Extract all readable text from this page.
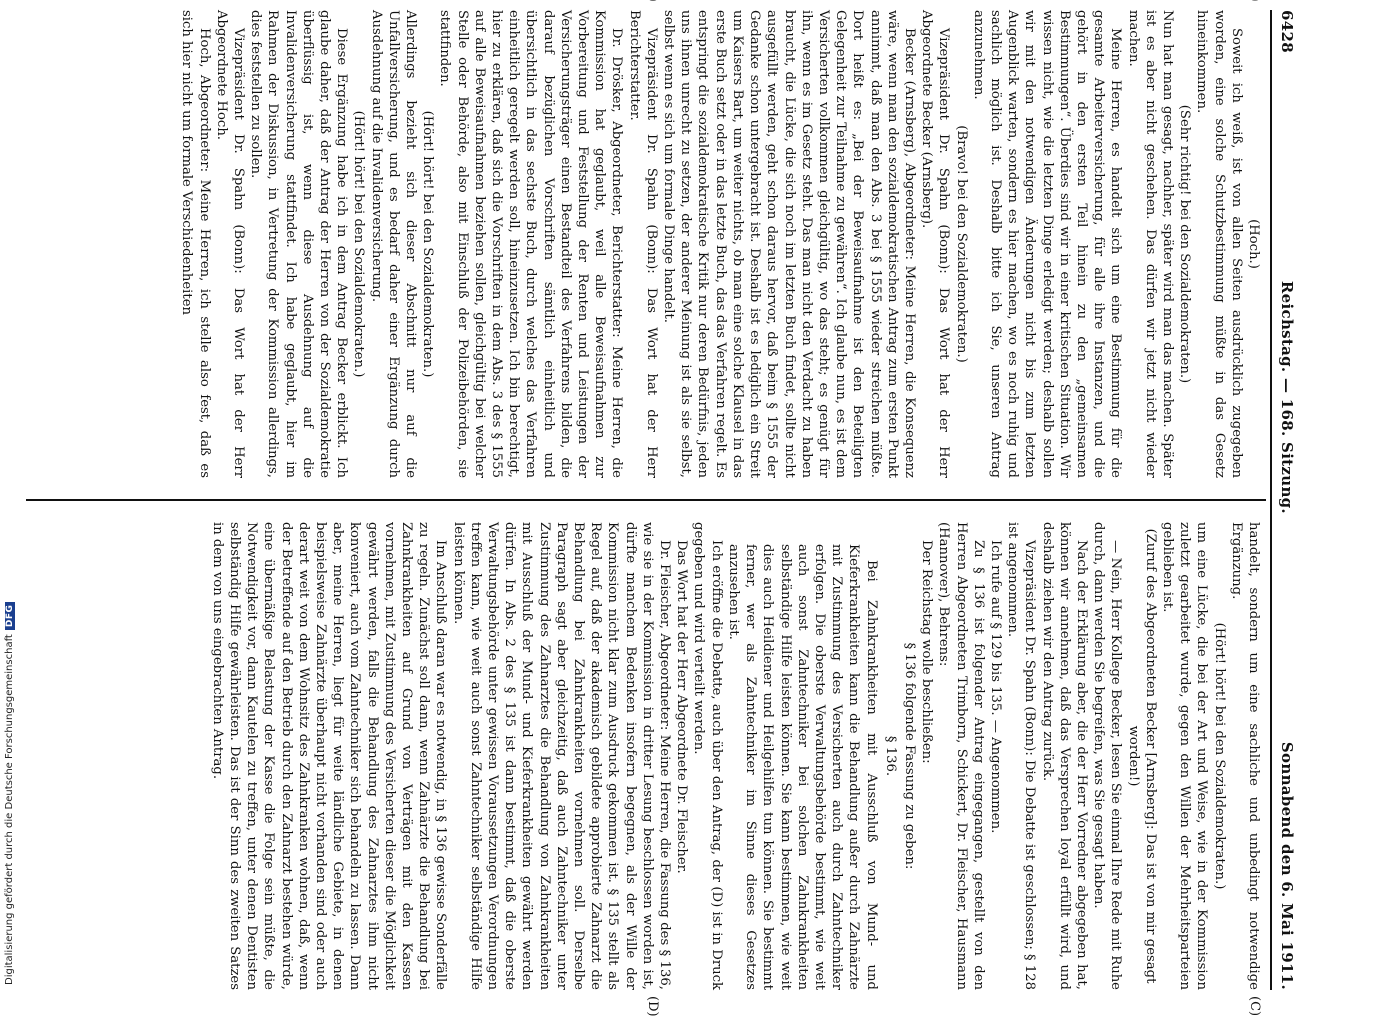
6428
Reichstag. — 168. Sitzung.
Sonnabend den 6. Mai 1911.
(C)
(D)

(Hoch.)

Soweit ich weiß, ist von allen Seiten ausdrücklich zugegeben worden, eine solche Schutzbestimmung müßte in das Gesetz hineinkommen.

(Sehr richtig! bei den Sozialdemokraten.)

Nun hat man gesagt, nachher, später wird man das machen. Später ist es aber nicht geschehen. Das dürfen wir jetzt nicht wieder machen.

Meine Herren, es handelt sich um eine Bestimmung für die gesamte Arbeiterversicherung, für alle ihre Instanzen, und die gehört in den ersten Teil hinein zu den „gemeinsamen Bestimmungen“. Überdies sind wir in einer kritischen Situation. Wir wissen nicht, wie die letzten Dinge erledigt werden; deshalb sollen wir mit den notwendigen Änderungen nicht bis zum letzten Augenblick warten, sondern es hier machen, wo es noch ruhig und sachlich möglich ist. Deshalb bitte ich Sie, unseren Antrag anzunehmen.

(Bravo! bei den Sozialdemokraten.)

Vizepräsident Dr. Spahn (Bonn): Das Wort hat der Herr Abgeordnete Becker (Arnsberg).

Becker (Arnsberg), Abgeordneter: Meine Herren, die Konsequenz wäre, wenn man den sozialdemokratischen Antrag zum ersten Punkt annimmt, daß man den Abs. 3 bei § 1555 wieder streichen müßte. Dort heißt es: „Bei der Beweisaufnahme ist den Beteiligten Gelegenheit zur Teilnahme zu gewähren“. Ich glaube nun, es ist dem Versicherten vollkommen gleichgültig, wo das steht; es genügt für ihn, wenn es im Gesetz steht. Das man nicht den Verdacht zu haben braucht, die Lücke, die sich noch im letzten Buch findet, sollte nicht ausgefüllt werden, geht schon daraus hervor, daß beim § 1555 der Gedanke schon untergebracht ist. Deshalb ist es lediglich ein Streit um Kaisers Bart, um weiter nichts, ob man eine solche Klausel in das erste Buch setzt oder in das letzte Buch, das das Verfahren regelt. Es entspringt die sozialdemokratische Kritik nur deren Bedürfnis, jeden uns ihnen unrecht zu setzen, der anderer Meinung ist als sie selbst, selbst wenn es sich um formale Dinge handelt.

Vizepräsident Dr. Spahn (Bonn): Das Wort hat der Herr Berichterstatter.

Dr. Drösker, Abgeordneter, Berichterstatter: Meine Herren, die Kommission hat geglaubt, weil alle Beweisaufnahmen zur Vorbereitung und Feststellung der Renten und Leistungen der Versicherungsträger einen Bestandteil des Verfahrens bilden, die darauf bezüglichen Vorschriften sämtlich einheitlich und übersichtlich in das sechste Buch, durch welches das Verfahren einheitlich geregelt werden soll, hineinzusetzen. Ich bin berechtigt, hier zu erklären, daß sich die Vorschriften in dem Abs. 3 des § 1555 auf alle Beweisaufnahmen beziehen sollen, gleichgültig bei welcher Stelle oder Behörde, also mit Einschluß der Polizeibehörden, sie stattfinden.

(Hört! hört! bei den Sozialdemokraten.)

Allerdings bezieht sich dieser Abschnitt nur auf die Unfallversicherung, und es bedarf daher einer Ergänzung durch Ausdehnung auf die Invalidenversicherung.

(Hört! hört! bei den Sozialdemokraten.)

Diese Ergänzung habe ich in dem Antrag Becker erblickt. Ich glaube daher, daß der Antrag der Herren von der Sozialdemokratie überflüssig ist, wenn diese Ausdehnung auf die Invalidenversicherung stattfindet. Ich habe geglaubt, hier im Rahmen der Diskussion, in Vertretung der Kommission allerdings, dies feststellen zu sollen.

Vizepräsident Dr. Spahn (Bonn): Das Wort hat der Herr Abgeordnete Hoch.

Hoch, Abgeordneter: Meine Herren, ich stelle also fest, daß es sich hier nicht um formale Verschiedenheiten

handelt, sondern um eine sachliche und unbedingt notwendige Ergänzung.

(Hört! hört! bei den Sozialdemokraten.)

um eine Lücke, die bei der Art und Weise, wie in der Kommission zuletzt gearbeitet wurde, gegen den Willen der Mehrheitsparteien geblieben ist.

(Zuruf des Abgeordneten Becker [Arnsberg]: Das ist von mir gesagt worden!)

— Nein, Herr Kollege Becker, lesen Sie einmal Ihre Rede mit Ruhe durch, dann werden Sie begreifen, was Sie gesagt haben.

Nach der Erklärung aber, die der Herr Vorredner abgegeben hat, können wir annehmen, daß das Versprechen loyal erfüllt wird, und deshalb ziehen wir den Antrag zurück.

Vizepräsident Dr. Spahn (Bonn): Die Debatte ist geschlossen; § 128 ist angenommen.

Ich rufe auf § 129 bis 135. — Angenommen.

Zu § 136 ist folgender Antrag eingegangen, gestellt von den Herren Abgeordneten Trimborn, Schickert, Dr. Fleischer, Hausmann (Hannover), Behrens:

Der Reichstag wolle beschließen:

§ 136 folgende Fassung zu geben:

§ 136.

Bei Zahnkrankheiten mit Ausschluß von Mund- und Kieferkrankheiten kann die Behandlung außer durch Zahnärzte mit Zustimmung des Versicherten auch durch Zahntechniker erfolgen. Die oberste Verwaltungsbehörde bestimmt, wie weit auch sonst Zahntechniker bei solchen Zahnkrankheiten selbständige Hilfe leisten können. Sie kann bestimmen, wie weit dies auch Heildiener und Heilgehilfen tun können. Sie bestimmt ferner, wer als Zahntechniker im Sinne dieses Gesetzes anzusehen ist.

Ich eröffne die Debatte, auch über den Antrag, der (D) ist in Druck gegeben und wird verteilt werden.

Das Wort hat der Herr Abgeordnete Dr. Fleischer.

Dr. Fleischer, Abgeordneter: Meine Herren, die Fassung des § 136, wie sie in der Kommission in dritter Lesung beschlossen worden ist, dürfte manchem Bedenken insofern begegnen, als der Wille der Kommission nicht klar zum Ausdruck gekommen ist. § 135 stellt als Regel auf, daß der akademisch gebildete approbierte Zahnarzt die Behandlung bei Zahnkrankheiten vornehmen soll. Derselbe Paragraph sagt aber gleichzeitig, daß auch Zahntechniker unter Zustimmung des Zahnarztes die Behandlung von Zahnkrankheiten mit Ausschluß der Mund- und Kieferkrankheiten gewährt werden dürfen. In Abs. 2 des § 135 ist dann bestimmt, daß die oberste Verwaltungsbehörde unter gewissen Voraussetzungen Verordnungen treffen kann, wie weit auch sonst Zahntechniker selbständige Hilfe leisten können.

Im Anschluß daran war es notwendig, in § 136 gewisse Sonderfälle zu regeln. Zunächst soll dann, wenn Zahnärzte die Behandlung bei Zahnkrankheiten auf Grund von Verträgen mit den Kassen vornehmen, mit Zustimmung des Versicherten dieser die Möglichkeit gewährt werden, falls die Behandlung des Zahnarztes ihm nicht konveniert, auch vom Zahntechniker sich behandeln zu lassen. Dann aber, meine Herren, liegt für weite ländliche Gebiete, in denen beispielsweise Zahnärzte überhaupt nicht vorhanden sind oder auch derart weit von dem Wohnsitz des Zahnkranken wohnen, daß, wenn der Betreffende auf den Betrieb durch den Zahnarzt bestehen würde, eine übermäßige Belastung der Kasse die Folge sein müßte, die Notwendigkeit vor, dann Kautelen zu treffen, unter denen Dentisten selbständig Hilfe gewährleisten. Das ist der Sinn des zweiten Satzes in dem von uns eingebrachten Antrag.

Digitalisierung gefördert durch die Deutsche Forschungsgemeinschaft
DFG
